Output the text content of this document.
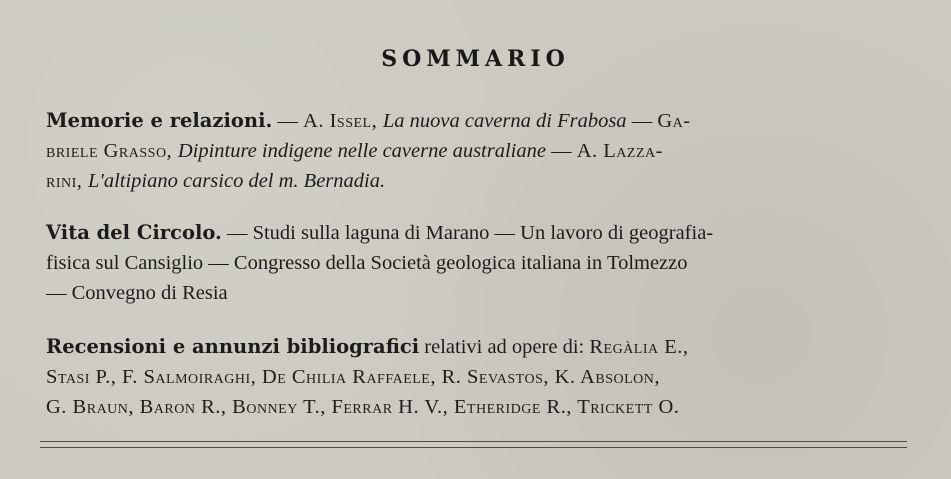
SOMMARIO
Memorie e relazioni. — A. Issel, La nuova caverna di Frabosa — Ga-
briele Grasso, Dipinture indigene nelle caverne australiane — A. Lazza-
rini, L'altipiano carsico del m. Bernadia.
Vita del Circolo. — Studi sulla laguna di Marano — Un lavoro di geografia-
fisica sul Cansiglio — Congresso della Società geologica italiana in Tolmezzo
— Convegno di Resia
Recensioni e annunzi bibliografici relativi ad opere di: Regàlia E.,
Stasi P., F. Salmoiraghi, De Chilia Raffaele, R. Sevastos, K. Absolon,
G. Braun, Baron R., Bonney T., Ferrar H. V., Etheridge R., Trickett O.
